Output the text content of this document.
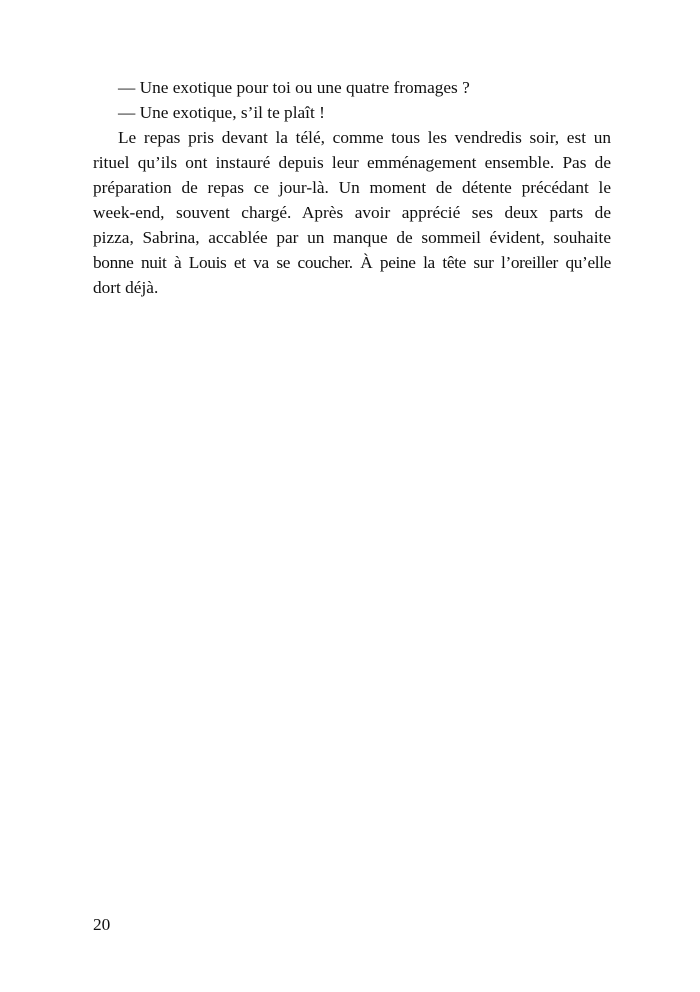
— Une exotique pour toi ou une quatre fromages ?
— Une exotique, s’il te plaît !
Le repas pris devant la télé, comme tous les vendredis soir, est un
rituel qu’ils ont instauré depuis leur emménagement ensemble. Pas de
préparation de repas ce jour-là. Un moment de détente précédant le
week-end, souvent chargé. Après avoir apprécié ses deux parts de
pizza, Sabrina, accablée par un manque de sommeil évident, souhaite
bonne nuit à Louis et va se coucher. À peine la tête sur l’oreiller qu’elle
dort déjà.
20
